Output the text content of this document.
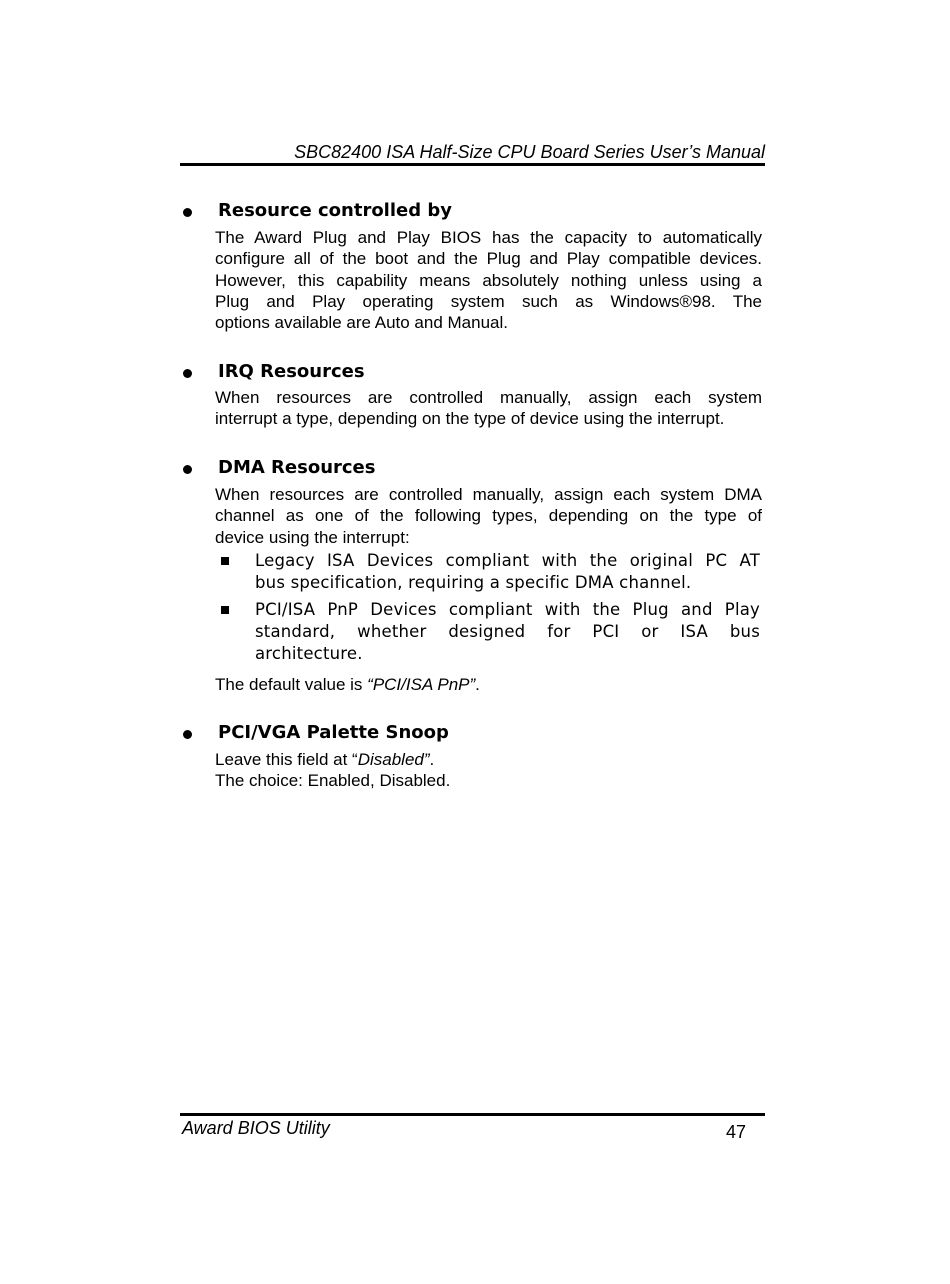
SBC82400 ISA Half-Size CPU Board Series User’s Manual
Resource controlled by
The Award Plug and Play BIOS has the capacity to automatically
configure all of the boot and the Plug and Play compatible devices.
However, this capability means absolutely nothing unless using a
Plug and Play operating system such as Windows®98. The
options available are Auto and Manual.
IRQ Resources
When resources are controlled manually, assign each system
interrupt a type, depending on the type of device using the interrupt.
DMA Resources
When resources are controlled manually, assign each system DMA
channel as one of the following types, depending on the type of
device using the interrupt:
Legacy ISA Devices compliant with the original PC AT
bus specification, requiring a specific DMA channel.
PCI/ISA PnP Devices compliant with the Plug and Play
standard, whether designed for PCI or ISA bus
architecture.
The default value is “PCI/ISA PnP”.
PCI/VGA Palette Snoop
Leave this field at “Disabled”.
The choice: Enabled, Disabled.
Award BIOS Utility	47
